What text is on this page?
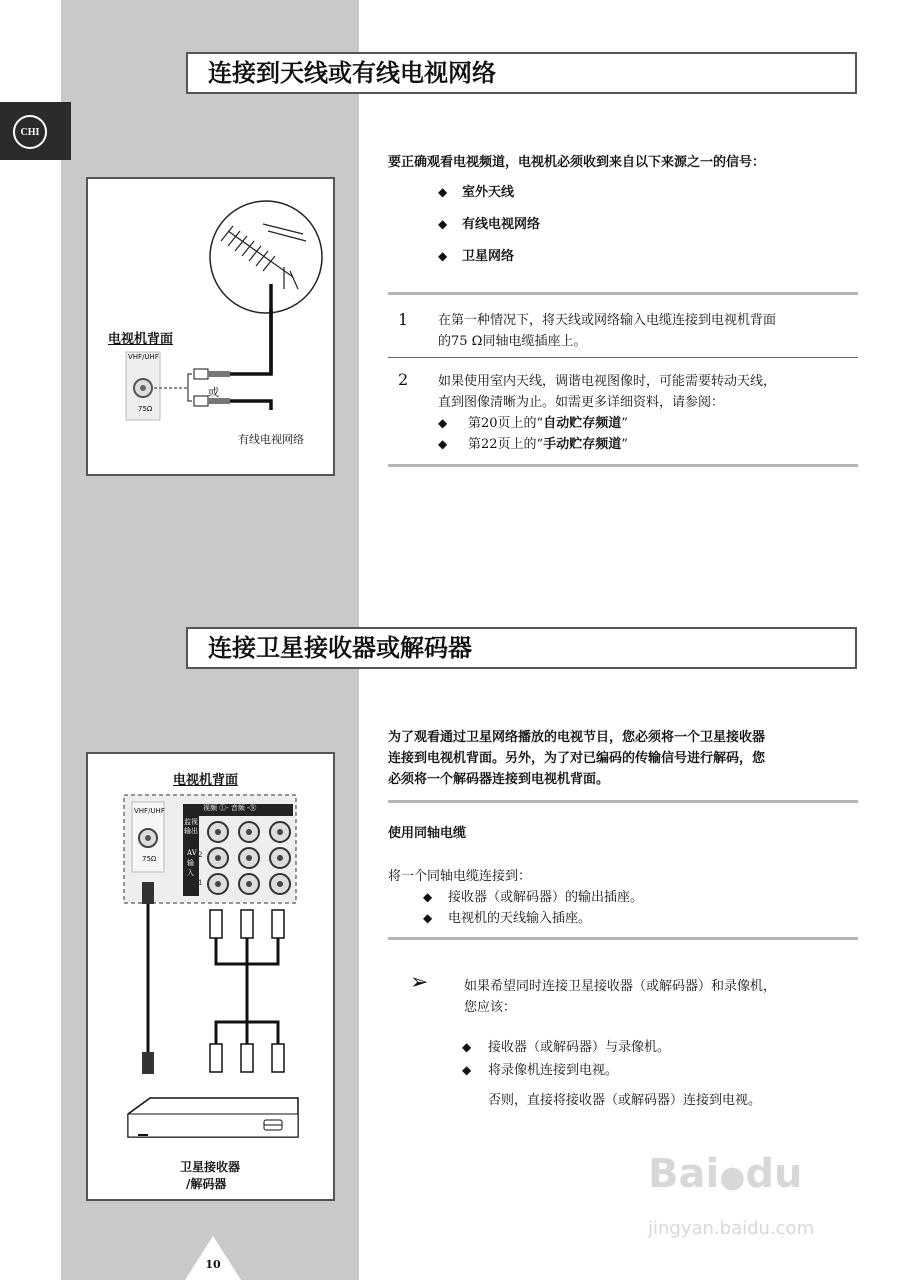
CHI
连接到天线或有线电视网络
电视机背面
VHF/UHF
75Ω
或
有线电视网络
要正确观看电视频道，电视机必须收到来自以下来源之一的信号：
◆ 室外天线
◆ 有线电视网络
◆ 卫星网络
1 在第一种情况下，将天线或网络输入电缆连接到电视机背面
的75 Ω同轴电缆插座上。
2 如果使用室内天线，调谐电视图像时，可能需要转动天线，
直到图像清晰为止。如需更多详细资料，请参阅：
◆ 第20页上的“自动贮存频道”
◆ 第22页上的“手动贮存频道”
连接卫星接收器或解码器
电视机背面
VHF/UHF
75Ω
视频 Ⓛ- 音频 -Ⓡ
监视输出
AV输入
2
1
卫星接收器
/解码器
为了观看通过卫星网络播放的电视节目，您必须将一个卫星接收器
连接到电视机背面。另外，为了对已编码的传输信号进行解码，您
必须将一个解码器连接到电视机背面。
使用同轴电缆
将一个同轴电缆连接到：
◆ 接收器（或解码器）的输出插座。
◆ 电视机的天线输入插座。
➢	如果希望同时连接卫星接收器（或解码器）和录像机，
您应该：
◆ 接收器（或解码器）与录像机。
◆ 将录像机连接到电视。
否则，直接将接收器（或解码器）连接到电视。
10
Bai●du
jingyan.baidu.com
